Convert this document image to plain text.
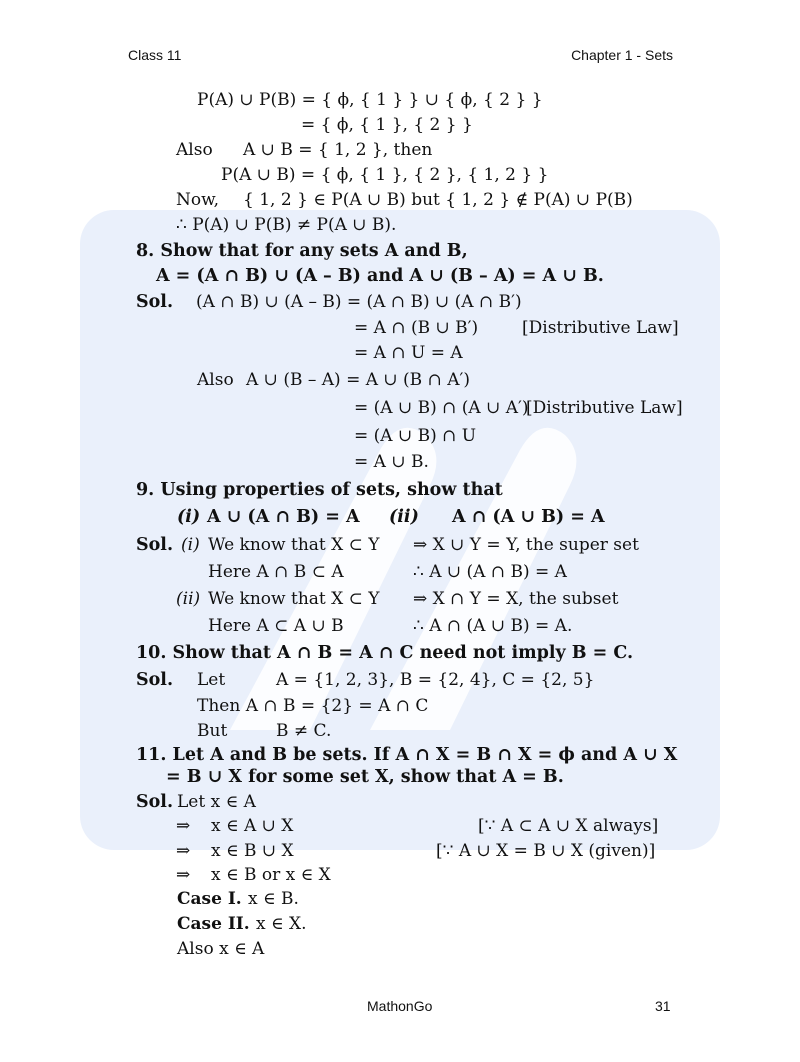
Class 11	Chapter 1 - Sets
P(A) ∪ P(B) = { ϕ, { 1 } } ∪ { ϕ, { 2 } }
= { ϕ, { 1 }, { 2 } }
Also A ∪ B = { 1, 2 }, then
P(A ∪ B) = { ϕ, { 1 }, { 2 }, { 1, 2 } }
Now, { 1, 2 } ∈ P(A ∪ B) but { 1, 2 } ∉ P(A) ∪ P(B)
∴ P(A) ∪ P(B) ≠ P(A ∪ B).
8. Show that for any sets A and B,
A = (A ∩ B) ∪ (A – B) and A ∪ (B – A) = A ∪ B.
Sol. (A ∩ B) ∪ (A – B) = (A ∩ B) ∪ (A ∩ B′)
= A ∩ (B ∪ B′)	[Distributive Law]
= A ∩ U = A
Also A ∪ (B – A) = A ∪ (B ∩ A′)
= (A ∪ B) ∩ (A ∪ A′)
[Distributive Law]
= (A ∪ B) ∩ U
= A ∪ B.
9. Using properties of sets, show that
(i) A ∪ (A ∩ B) = A (ii) A ∩ (A ∪ B) = A
Sol. (i) We know that X ⊂ Y ⇒ X ∪ Y = Y, the super set
Here A ∩ B ⊂ A	∴ A ∪ (A ∩ B) = A
(ii) We know that X ⊂ Y ⇒ X ∩ Y = X, the subset
Here A ⊂ A ∪ B	∴ A ∩ (A ∪ B) = A.
10. Show that A ∩ B = A ∩ C need not imply B = C.
Sol. Let	A = {1, 2, 3}, B = {2, 4}, C = {2, 5}
Then A ∩ B = {2} = A ∩ C
But	B ≠ C.
11. Let A and B be sets. If A ∩ X = B ∩ X = ϕ and A ∪ X
= B ∪ X for some set X, show that A = B.
Sol. Let x ∈ A
⇒ x ∈ A ∪ X	[∵ A ⊂ A ∪ X always]
⇒ x ∈ B ∪ X	[∵ A ∪ X = B ∪ X (given)]
⇒ x ∈ B or x ∈ X
Case I. x ∈ B.
Case II. x ∈ X.
Also x ∈ A
MathonGo	31
